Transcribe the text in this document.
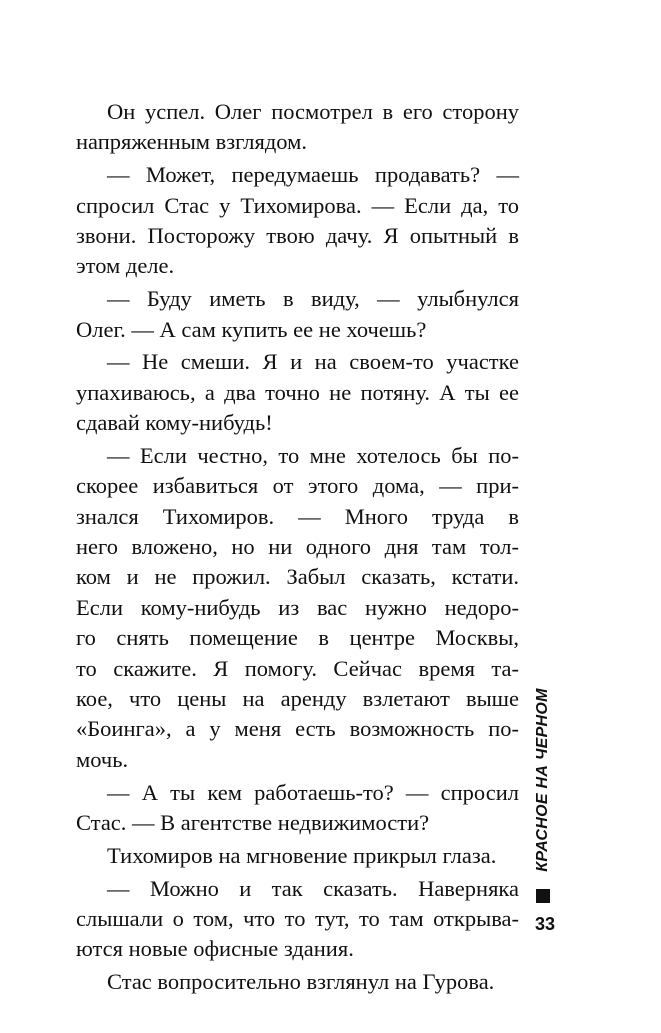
Он успел. Олег посмотрел в его сторону
напряженным взглядом.
— Может, передумаешь продавать? —
спросил Стас у Тихомирова. — Если да, то
звони. Посторожу твою дачу. Я опытный в
этом деле.
— Буду иметь в виду, — улыбнулся
Олег. — А сам купить ее не хочешь?
— Не смеши. Я и на своем-то участке
упахиваюсь, а два точно не потяну. А ты ее
сдавай кому-нибудь!
— Если честно, то мне хотелось бы по-
скорее избавиться от этого дома, — при-
знался Тихомиров. — Много труда в
него вложено, но ни одного дня там тол-
ком и не прожил. Забыл сказать, кстати.
Если кому-нибудь из вас нужно недоро-
го снять помещение в центре Москвы,
то скажите. Я помогу. Сейчас время та-
кое, что цены на аренду взлетают выше
«Боинга», а у меня есть возможность по-
мочь.
— А ты кем работаешь-то? — спросил
Стас. — В агентстве недвижимости?
Тихомиров на мгновение прикрыл глаза.
— Можно и так сказать. Наверняка
слышали о том, что то тут, то там открыва-
ются новые офисные здания.
Стас вопросительно взглянул на Гурова.
КРАСНОЕ НА ЧЕРНОМ
33
